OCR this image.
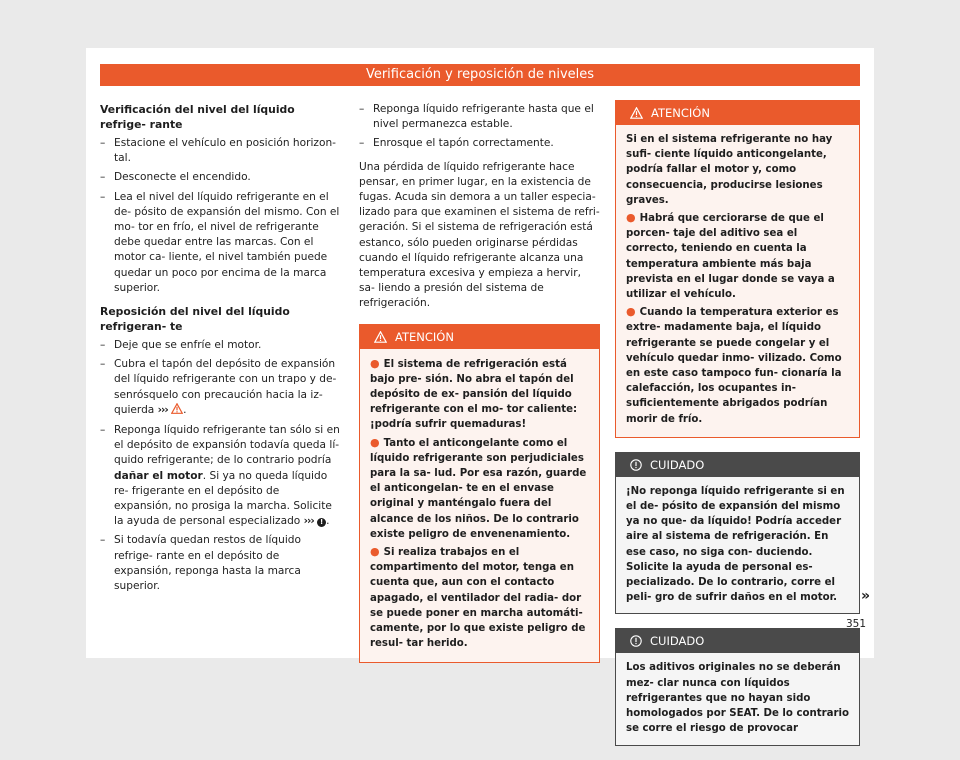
Verificación y reposición de niveles
Verificación del nivel del líquido refrige- rante
– Estacione el vehículo en posición horizon- tal.
– Desconecte el encendido.
– Lea el nivel del líquido refrigerante en el de- pósito de expansión del mismo. Con el mo- tor en frío, el nivel de refrigerante debe quedar entre las marcas. Con el motor ca- liente, el nivel también puede quedar un poco por encima de la marca superior.
Reposición del nivel del líquido refrigeran- te
– Deje que se enfríe el motor.
– Cubra el tapón del depósito de expansión del líquido refrigerante con un trapo y de- senrósquelo con precaución hacia la iz- quierda ››› .
– Reponga líquido refrigerante tan sólo si en el depósito de expansión todavía queda lí- quido refrigerante; de lo contrario podría dañar el motor. Si ya no queda líquido re- frigerante en el depósito de expansión, no prosiga la marcha. Solicite la ayuda de personal especializado ››› ! .
– Si todavía quedan restos de líquido refrige- rante en el depósito de expansión, reponga hasta la marca superior.
– Reponga líquido refrigerante hasta que el nivel permanezca estable.
– Enrosque el tapón correctamente.

Una pérdida de líquido refrigerante hace pensar, en primer lugar, en la existencia de fugas. Acuda sin demora a un taller especia- lizado para que examinen el sistema de refri- geración. Si el sistema de refrigeración está estanco, sólo pueden originarse pérdidas cuando el líquido refrigerante alcanza una temperatura excesiva y empieza a hervir, sa- liendo a presión del sistema de refrigeración.

ATENCIÓN

● El sistema de refrigeración está bajo pre- sión. No abra el tapón del depósito de ex- pansión del líquido refrigerante con el mo- tor caliente: ¡podría sufrir quemaduras!

● Tanto el anticongelante como el líquido refrigerante son perjudiciales para la sa- lud. Por esa razón, guarde el anticongelan- te en el envase original y manténgalo fuera del alcance de los niños. De lo contrario existe peligro de envenenamiento.

● Si realiza trabajos en el compartimento del motor, tenga en cuenta que, aun con el contacto apagado, el ventilador del radia- dor se puede poner en marcha automáti- camente, por lo que existe peligro de resul- tar herido.

ATENCIÓN

Si en el sistema refrigerante no hay sufi- ciente líquido anticongelante, podría fallar el motor y, como consecuencia, producirse lesiones graves.

● Habrá que cerciorarse de que el porcen- taje del aditivo sea el correcto, teniendo en cuenta la temperatura ambiente más baja prevista en el lugar donde se vaya a utilizar el vehículo.

● Cuando la temperatura exterior es extre- madamente baja, el líquido refrigerante se puede congelar y el vehículo quedar inmo- vilizado. Como en este caso tampoco fun- cionaría la calefacción, los ocupantes in- suficientemente abrigados podrían morir de frío.

CUIDADO
¡No reponga líquido refrigerante si en el de- pósito de expansión del mismo ya no que- da líquido! Podría acceder aire al sistema de refrigeración. En ese caso, no siga con- duciendo. Solicite la ayuda de personal es- pecializado. De lo contrario, corre el peli- gro de sufrir daños en el motor.
CUIDADO
Los aditivos originales no se deberán mez- clar nunca con líquidos refrigerantes que no hayan sido homologados por SEAT. De lo contrario se corre el riesgo de provocar
»
351
